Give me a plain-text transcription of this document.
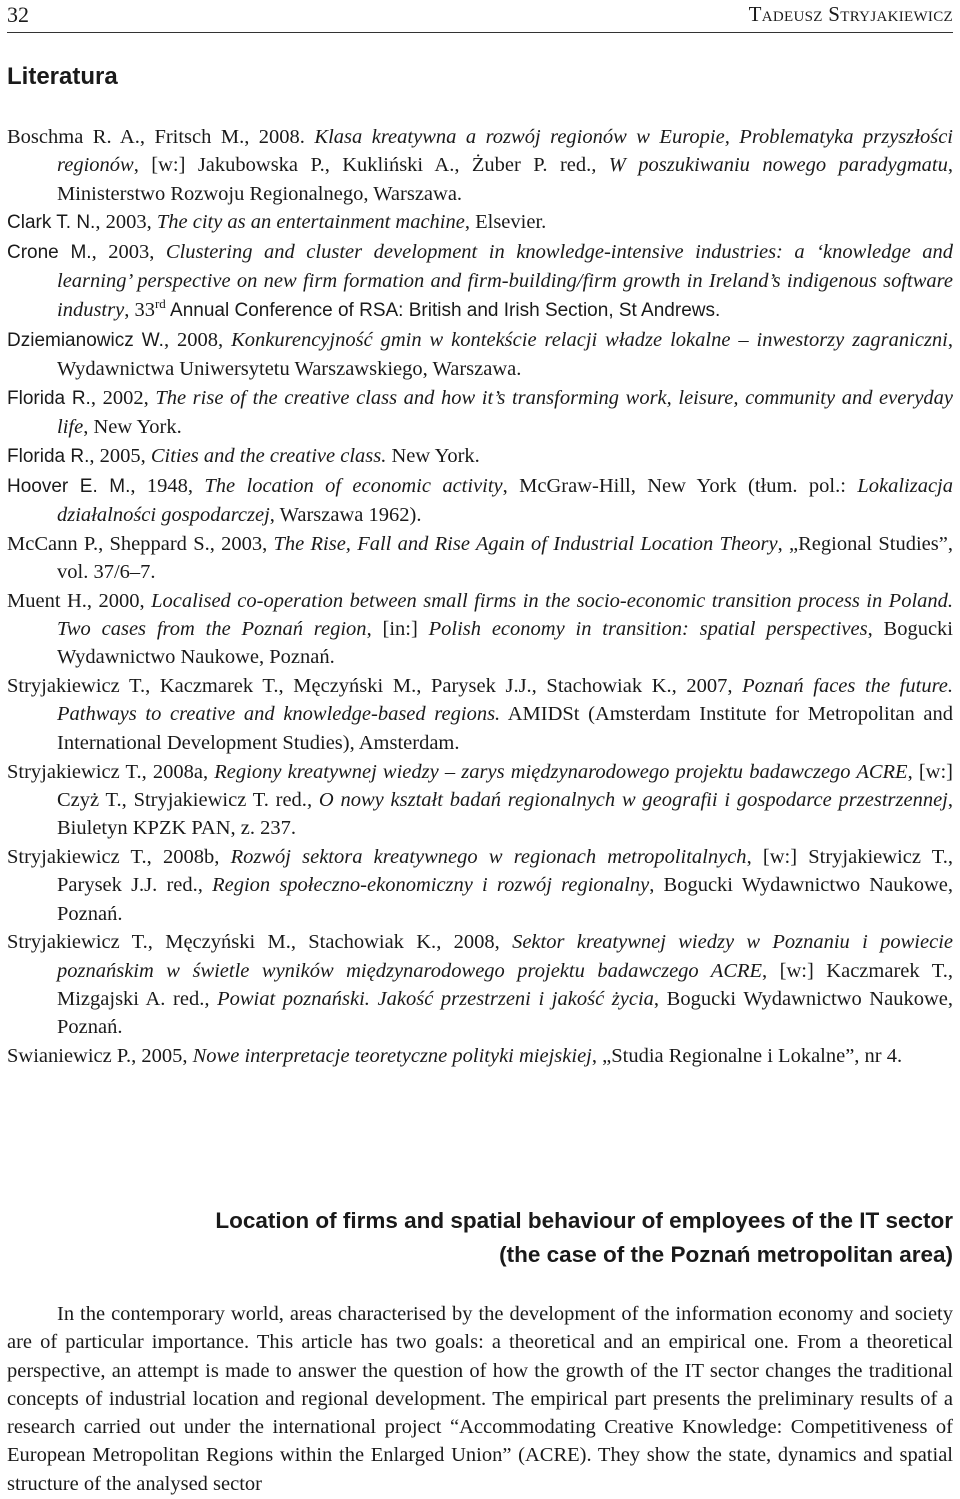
32	Tadeusz Stryjakiewicz
Literatura

Boschma R. A., Fritsch M., 2008. Klasa kreatywna a rozwój regionów w Europie, Problematyka przyszłości regionów, [w:] Jakubowska P., Kukliński A., Żuber P. red., W poszukiwaniu nowego paradygmatu, Ministerstwo Rozwoju Regionalnego, Warszawa.

Clark T. N., 2003, The city as an entertainment machine, Elsevier.

Crone M., 2003, Clustering and cluster development in knowledge-intensive industries: a ‘knowledge and learning’ perspective on new firm formation and firm-building/firm growth in Ireland’s indigenous software industry, 33rd Annual Conference of RSA: British and Irish Section, St Andrews.

Dziemianowicz W., 2008, Konkurencyjność gmin w kontekście relacji władze lokalne – inwestorzy zagraniczni, Wydawnictwa Uniwersytetu Warszawskiego, Warszawa.

Florida R., 2002, The rise of the creative class and how it’s transforming work, leisure, community and everyday life, New York.

Florida R., 2005, Cities and the creative class. New York.

Hoover E. M., 1948, The location of economic activity, McGraw-Hill, New York (tłum. pol.: Lokalizacja działalności gospodarczej, Warszawa 1962).

McCann P., Sheppard S., 2003, The Rise, Fall and Rise Again of Industrial Location Theory, „Regional Studies”, vol. 37/6–7.

Muent H., 2000, Localised co-operation between small firms in the socio-economic transition process in Poland. Two cases from the Poznań region, [in:] Polish economy in transition: spatial perspectives, Bogucki Wydawnictwo Naukowe, Poznań.

Stryjakiewicz T., Kaczmarek T., Męczyński M., Parysek J.J., Stachowiak K., 2007, Poznań faces the future. Pathways to creative and knowledge-based regions. AMIDSt (Amsterdam Institute for Metropolitan and International Development Studies), Amsterdam.

Stryjakiewicz T., 2008a, Regiony kreatywnej wiedzy – zarys międzynarodowego projektu badawczego ACRE, [w:] Czyż T., Stryjakiewicz T. red., O nowy kształt badań regionalnych w geografii i gospodarce przestrzennej, Biuletyn KPZK PAN, z. 237.

Stryjakiewicz T., 2008b, Rozwój sektora kreatywnego w regionach metropolitalnych, [w:] Stryjakiewicz T., Parysek J.J. red., Region społeczno-ekonomiczny i rozwój regionalny, Bogucki Wydawnictwo Naukowe, Poznań.

Stryjakiewicz T., Męczyński M., Stachowiak K., 2008, Sektor kreatywnej wiedzy w Poznaniu i powiecie poznańskim w świetle wyników międzynarodowego projektu badawczego ACRE, [w:] Kaczmarek T., Mizgajski A. red., Powiat poznański. Jakość przestrzeni i jakość życia, Bogucki Wydawnictwo Naukowe, Poznań.

Swianiewicz P., 2005, Nowe interpretacje teoretyczne polityki miejskiej, „Studia Regionalne i Lokalne”, nr 4.

Location of firms and spatial behaviour of employees of the IT sector
(the case of the Poznań metropolitan area)

In the contemporary world, areas characterised by the development of the information economy and society are of particular importance. This article has two goals: a theoretical and an empirical one. From a theoretical perspective, an attempt is made to answer the question of how the growth of the IT sector changes the traditional concepts of industrial location and regional development. The empirical part presents the preliminary results of a research carried out under the international project “Accommodating Creative Knowledge: Competitiveness of European Metropolitan Regions within the Enlarged Union” (ACRE). They show the state, dynamics and spatial structure of the analysed sector
